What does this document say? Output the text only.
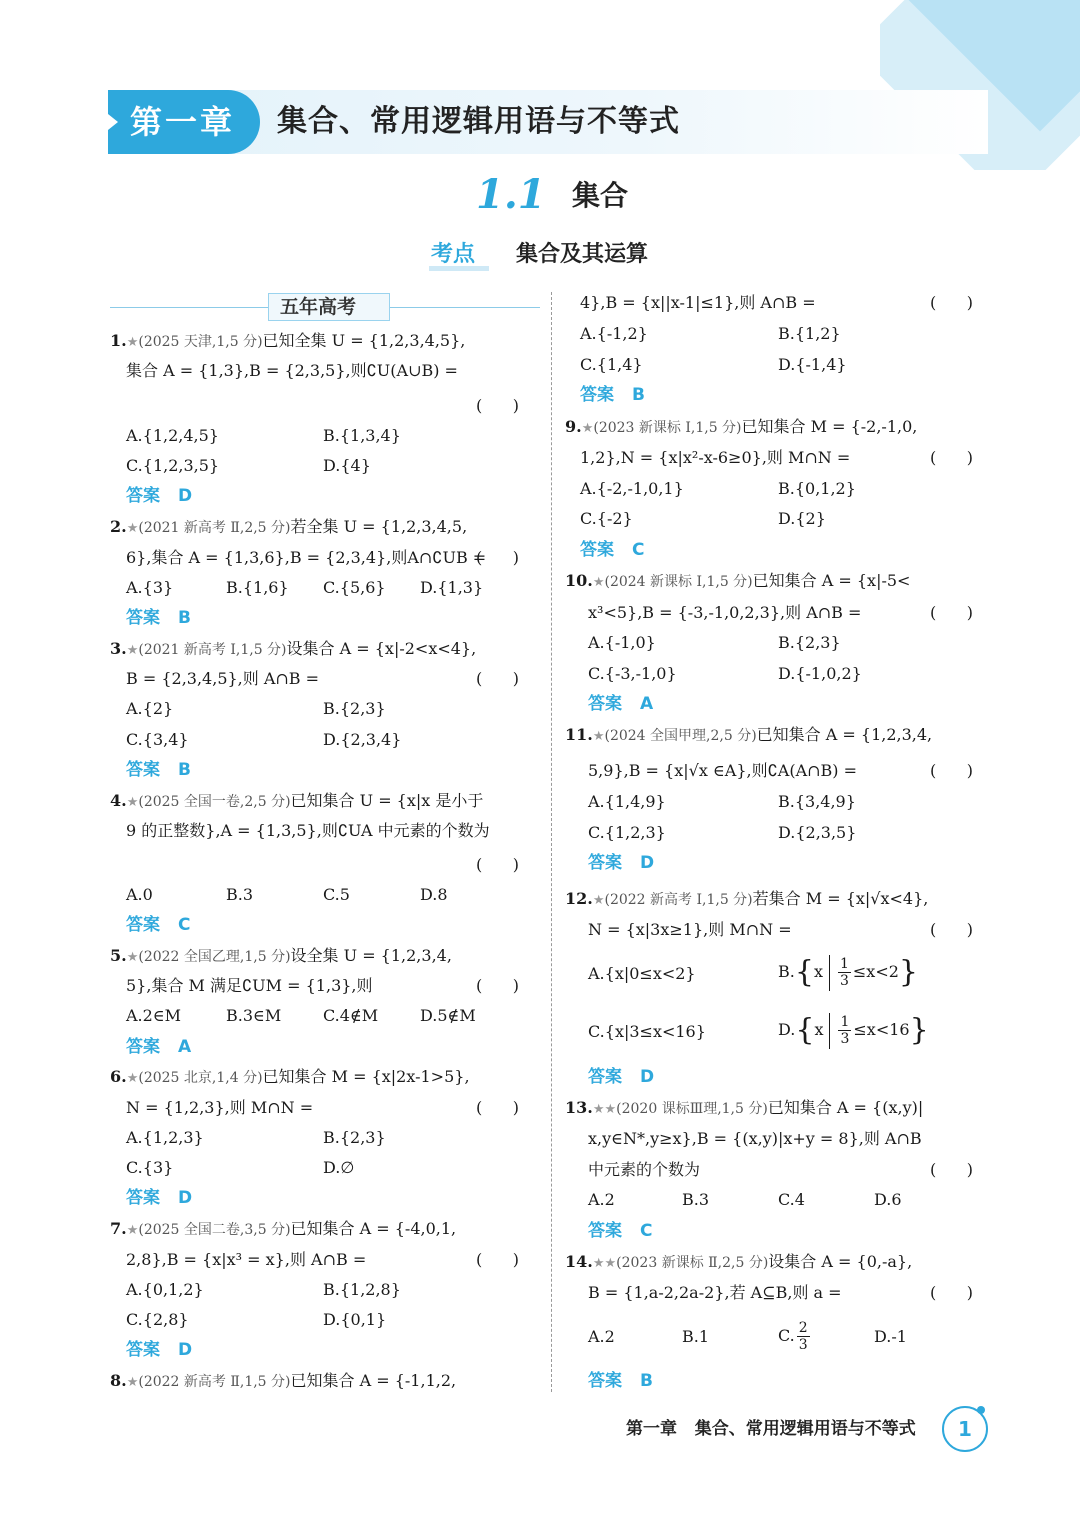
第一章 集合、常用逻辑用语与不等式
1.1 集合
考点 集合及其运算
五年高考
1.★(2025 天津,1,5 分)已知全集 U = {1,2,3,4,5},
集合 A = {1,3},B = {2,3,5},则∁U(A∪B) =
(      )
A.{1,2,4,5}	B.{1,3,4}
C.{1,2,3,5}	D.{4}
答案 D
2.★(2021 新高考 Ⅱ,2,5 分)若全集 U = {1,2,3,4,5,
6},集合 A = {1,3,6},B = {2,3,4},则A∩∁UB =
(      )
A.{3}	B.{1,6} C.{5,6} D.{1,3}
答案 B
3.★(2021 新高考 Ⅰ,1,5 分)设集合 A = {x|-2<x<4},
B = {2,3,4,5},则 A∩B =	(      )
A.{2}	B.{2,3}
C.{3,4}	D.{2,3,4}
答案 B
4.★(2025 全国一卷,2,5 分)已知集合 U = {x|x 是小于
9 的正整数},A = {1,3,5},则∁UA 中元素的个数为
(      )
A.0	B.3	C.5	D.8
答案 C
5.★(2022 全国乙理,1,5 分)设全集 U = {1,2,3,4,
5},集合 M 满足∁UM = {1,3},则	(      )
A.2∈M	B.3∈M	C.4∉M	D.5∉M
答案 A
6.★(2025 北京,1,4 分)已知集合 M = {x|2x-1>5},
N = {1,2,3},则 M∩N =	(      )
A.{1,2,3}	B.{2,3}
C.{3}	D.∅
答案 D
7.★(2025 全国二卷,3,5 分)已知集合 A = {-4,0,1,
2,8},B = {x|x³ = x},则 A∩B =	(      )
A.{0,1,2}	B.{1,2,8}
C.{2,8}	D.{0,1}
答案 D
8.★(2022 新高考 Ⅱ,1,5 分)已知集合 A = {-1,1,2,
4},B = {x||x-1|≤1},则 A∩B =	(      )
A.{-1,2}	B.{1,2}
C.{1,4}	D.{-1,4}
答案 B
9.★(2023 新课标 Ⅰ,1,5 分)已知集合 M = {-2,-1,0,
1,2},N = {x|x²-x-6≥0},则 M∩N =	(      )
A.{-2,-1,0,1}	B.{0,1,2}
C.{-2}	D.{2}
答案 C
10.★(2024 新课标 Ⅰ,1,5 分)已知集合 A = {x|-5<
x³<5},B = {-3,-1,0,2,3},则 A∩B =	(      )
A.{-1,0}	B.{2,3}
C.{-3,-1,0}	D.{-1,0,2}
答案 A
11.★(2024 全国甲理,2,5 分)已知集合 A = {1,2,3,4,
5,9},B = {x|√x ∈A},则∁A(A∩B) =	(      )
A.{1,4,9}	B.{3,4,9}
C.{1,2,3}	D.{2,3,5}
答案 D
12.★(2022 新高考 Ⅰ,1,5 分)若集合 M = {x|√x<4},
N = {x|3x≥1},则 M∩N =	(      )
A.{x|0≤x<2}	$B.\{x \frac{1}{3} \le x<2\}$
C.{x|3≤x<16}	$D.\{x \frac{1}{3} \le x<16\}$
答案 D
13.★★(2020 课标Ⅲ理,1,5 分)已知集合 A = {(x,y)|
x,y∈N*,y≥x},B = {(x,y)|x+y = 8},则 A∩B
中元素的个数为	(      )
A.2	B.3	C.4	D.6
答案 C
14.★★(2023 新课标 Ⅱ,2,5 分)设集合 A = {0,-a},
B = {1,a-2,2a-2},若 A⊆B,则 a =	(      )
A.2	B.1	C. $\frac{2}{3}$	D.-1
答案 B
第一章   集合、常用逻辑用语与不等式	1
